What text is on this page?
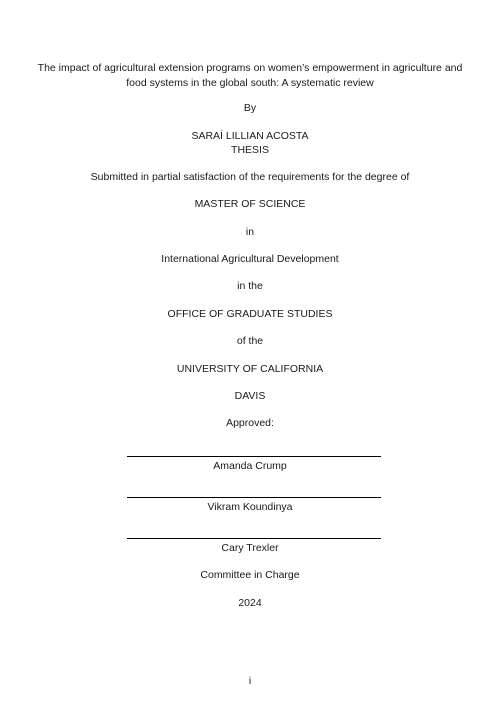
The impact of agricultural extension programs on women’s empowerment in agriculture and
food systems in the global south: A systematic review
By
SARAÍ LILLIAN ACOSTA
THESIS
Submitted in partial satisfaction of the requirements for the degree of
MASTER OF SCIENCE
in
International Agricultural Development
in the
OFFICE OF GRADUATE STUDIES
of the
UNIVERSITY OF CALIFORNIA
DAVIS
Approved:
Amanda Crump
Vikram Koundinya
Cary Trexler
Committee in Charge
2024
i
